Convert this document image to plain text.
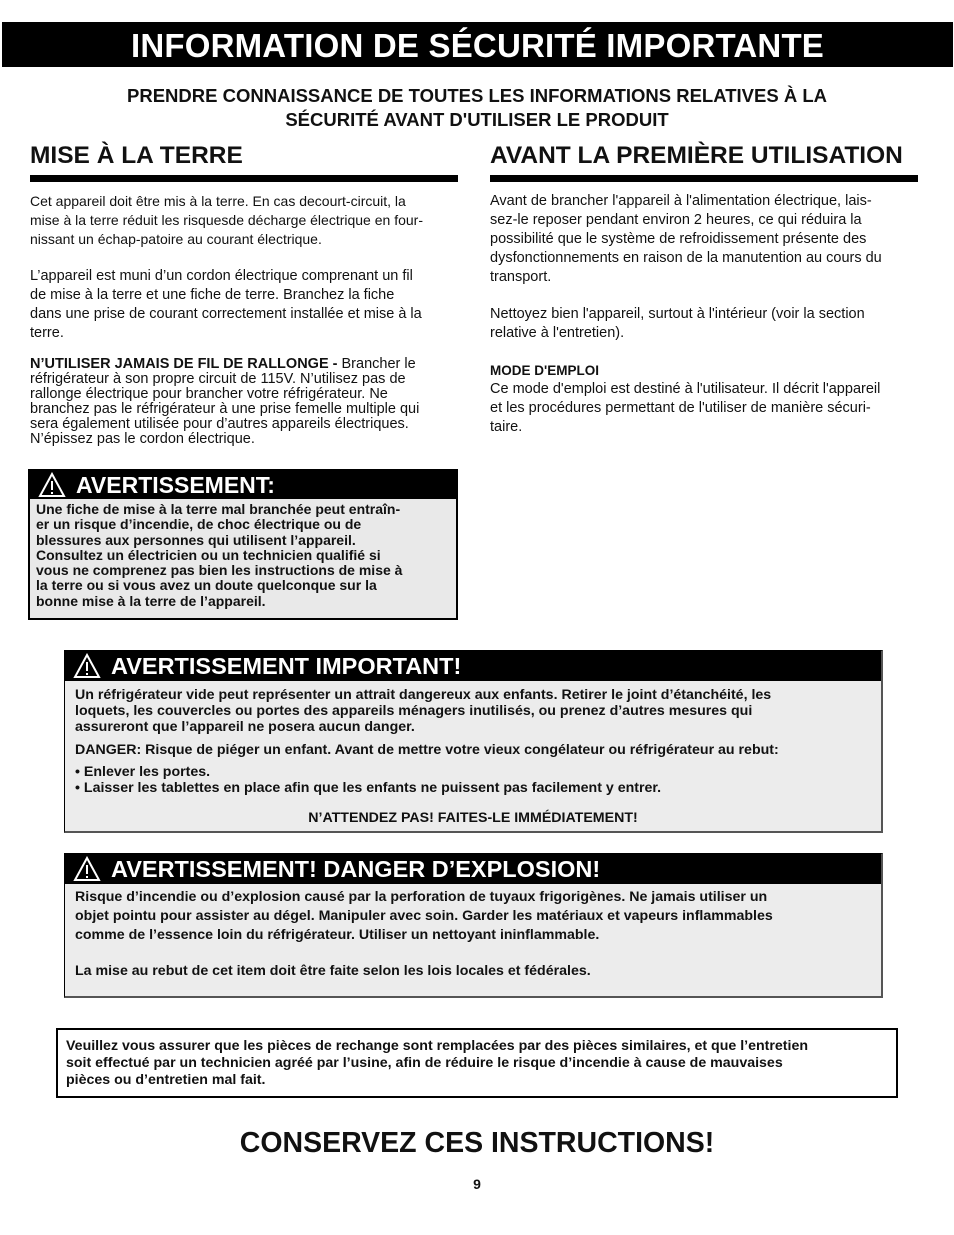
INFORMATION DE SÉCURITÉ IMPORTANTE
PRENDRE CONNAISSANCE DE TOUTES LES INFORMATIONS RELATIVES À LA
SÉCURITÉ AVANT D'UTILISER LE PRODUIT
MISE À LA TERRE

Cet appareil doit être mis à la terre. En cas decourt-circuit, la

mise à la terre réduit les risquesde décharge électrique en four-

nissant un échap-patoire au courant électrique.

L’appareil est muni d’un cordon électrique comprenant un fil

de mise à la terre et une fiche de terre. Branchez la fiche

dans une prise de courant correctement installée et mise à la

terre.

N’UTILISER JAMAIS DE FIL DE RALLONGE - Brancher le
réfrigérateur à son propre circuit de 115V. N’utilisez pas de
rallonge électrique pour brancher votre réfrigérateur. Ne
branchez pas le réfrigérateur à une prise femelle multiple qui
sera également utilisée pour d’autres appareils électriques.
N’épissez pas le cordon électrique.
AVANT LA PREMIÈRE UTILISATION

Avant de brancher l'appareil à l'alimentation électrique, lais-

sez-le reposer pendant environ 2 heures, ce qui réduira la

possibilité que le système de refroidissement présente des

dysfonctionnements en raison de la manutention au cours du

transport.

Nettoyez bien l'appareil, surtout à l'intérieur (voir la section

relative à l'entretien).

MODE D'EMPLOI

Ce mode d'emploi est destiné à l'utilisateur. Il décrit l'appareil

et les procédures permettant de l'utiliser de manière sécuri-

taire.

AVERTISSEMENT:

Une fiche de mise à la terre mal branchée peut entraîn-

er un risque d’incendie, de choc électrique ou de

blessures aux personnes qui utilisent l’appareil.

Consultez un électricien ou un technicien qualifié si

vous ne comprenez pas bien les instructions de mise à

la terre ou si vous avez un doute quelconque sur la

bonne mise à la terre de l’appareil.

AVERTISSEMENT IMPORTANT!

Un réfrigérateur vide peut représenter un attrait dangereux aux enfants. Retirer le joint d’étanchéité, les

loquets, les couvercles ou portes des appareils ménagers inutilisés, ou prenez d’autres mesures qui

assureront que l’appareil ne posera aucun danger.

DANGER: Risque de piéger un enfant. Avant de mettre votre vieux congélateur ou réfrigérateur au rebut:

• Enlever les portes.

• Laisser les tablettes en place afin que les enfants ne puissent pas facilement y entrer.

N’ATTENDEZ PAS! FAITES-LE IMMÉDIATEMENT!

AVERTISSEMENT! DANGER D’EXPLOSION!

Risque d’incendie ou d’explosion causé par la perforation de tuyaux frigorigènes. Ne jamais utiliser un

objet pointu pour assister au dégel. Manipuler avec soin. Garder les matériaux et vapeurs inflammables

comme de l’essence loin du réfrigérateur. Utiliser un nettoyant ininflammable.

La mise au rebut de cet item doit être faite selon les lois locales et fédérales.

Veuillez vous assurer que les pièces de rechange sont remplacées par des pièces similaires, et que l’entretien
soit effectué par un technicien agréé par l’usine, afin de réduire le risque d’incendie à cause de mauvaises
pièces ou d’entretien mal fait.
CONSERVEZ CES INSTRUCTIONS!
9
